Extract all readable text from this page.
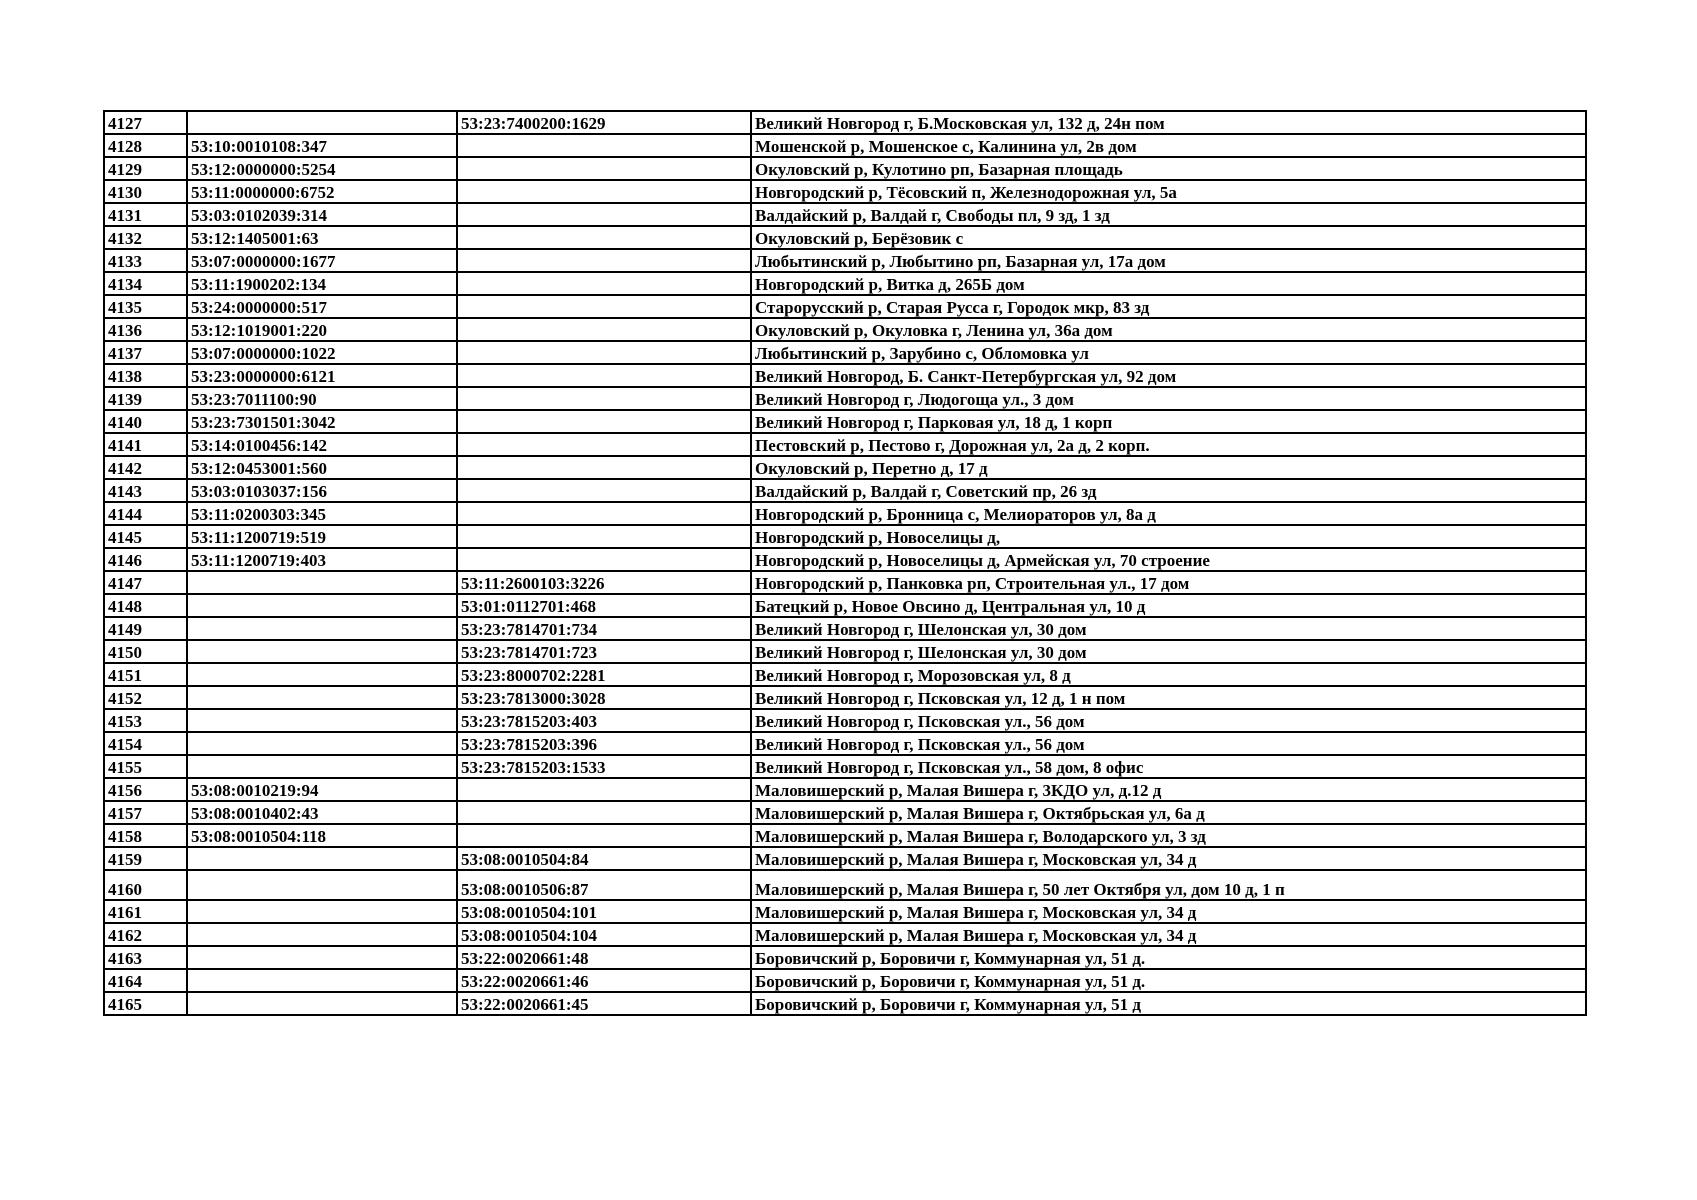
4127		53:23:7400200:1629	Великий Новгород г, Б.Московская ул, 132 д, 24н пом
4128	53:10:0010108:347		Мошенской р, Мошенское с, Калинина ул, 2в дом
4129	53:12:0000000:5254		Окуловский р, Кулотино рп, Базарная площадь
4130	53:11:0000000:6752		Новгородский р, Тёсовский п, Железнодорожная ул, 5а
4131	53:03:0102039:314		Валдайский р, Валдай г, Свободы пл, 9 зд, 1 зд
4132	53:12:1405001:63		Окуловский р, Берёзовик с
4133	53:07:0000000:1677		Любытинский р, Любытино рп, Базарная ул, 17а дом
4134	53:11:1900202:134		Новгородский р, Витка д, 265Б дом
4135	53:24:0000000:517		Старорусский р, Старая Русса г, Городок мкр, 83 зд
4136	53:12:1019001:220		Окуловский р, Окуловка г, Ленина ул, 36а дом
4137	53:07:0000000:1022		Любытинский р, Зарубино с, Обломовка ул
4138	53:23:0000000:6121		Великий Новгород, Б. Санкт-Петербургская ул, 92 дом
4139	53:23:7011100:90		Великий Новгород г, Людогоща ул., 3 дом
4140	53:23:7301501:3042		Великий Новгород г, Парковая ул, 18 д, 1 корп
4141	53:14:0100456:142		Пестовский р, Пестово г, Дорожная ул, 2а д, 2 корп.
4142	53:12:0453001:560		Окуловский р, Перетно д, 17 д
4143	53:03:0103037:156		Валдайский р, Валдай г, Советский пр, 26 зд
4144	53:11:0200303:345		Новгородский р, Бронница с, Мелиораторов ул, 8а д
4145	53:11:1200719:519		Новгородский р, Новоселицы д,
4146	53:11:1200719:403		Новгородский р, Новоселицы д, Армейская ул, 70 строение
4147		53:11:2600103:3226	Новгородский р, Панковка рп, Строительная ул., 17 дом
4148		53:01:0112701:468	Батецкий р, Новое Овсино д, Центральная ул, 10 д
4149		53:23:7814701:734	Великий Новгород г, Шелонская ул, 30 дом
4150		53:23:7814701:723	Великий Новгород г, Шелонская ул, 30 дом
4151		53:23:8000702:2281	Великий Новгород г, Морозовская ул, 8 д
4152		53:23:7813000:3028	Великий Новгород г, Псковская ул, 12 д, 1 н пом
4153		53:23:7815203:403	Великий Новгород г, Псковская ул., 56 дом
4154		53:23:7815203:396	Великий Новгород г, Псковская ул., 56 дом
4155		53:23:7815203:1533	Великий Новгород г, Псковская ул., 58 дом, 8 офис
4156	53:08:0010219:94		Маловишерский р, Малая Вишера г, 3КДО ул, д.12 д
4157	53:08:0010402:43		Маловишерский р, Малая Вишера г, Октябрьская ул, 6а д
4158	53:08:0010504:118		Маловишерский р, Малая Вишера г, Володарского ул, 3 зд
4159		53:08:0010504:84	Маловишерский р, Малая Вишера г, Московская ул, 34 д
4160		53:08:0010506:87	Маловишерский р, Малая Вишера г, 50 лет Октября ул, дом 10 д, 1 п
4161		53:08:0010504:101	Маловишерский р, Малая Вишера г, Московская ул, 34 д
4162		53:08:0010504:104	Маловишерский р, Малая Вишера г, Московская ул, 34 д
4163		53:22:0020661:48	Боровичский р, Боровичи г, Коммунарная ул, 51 д.
4164		53:22:0020661:46	Боровичский р, Боровичи г, Коммунарная ул, 51 д.
4165		53:22:0020661:45	Боровичский р, Боровичи г, Коммунарная ул, 51 д
